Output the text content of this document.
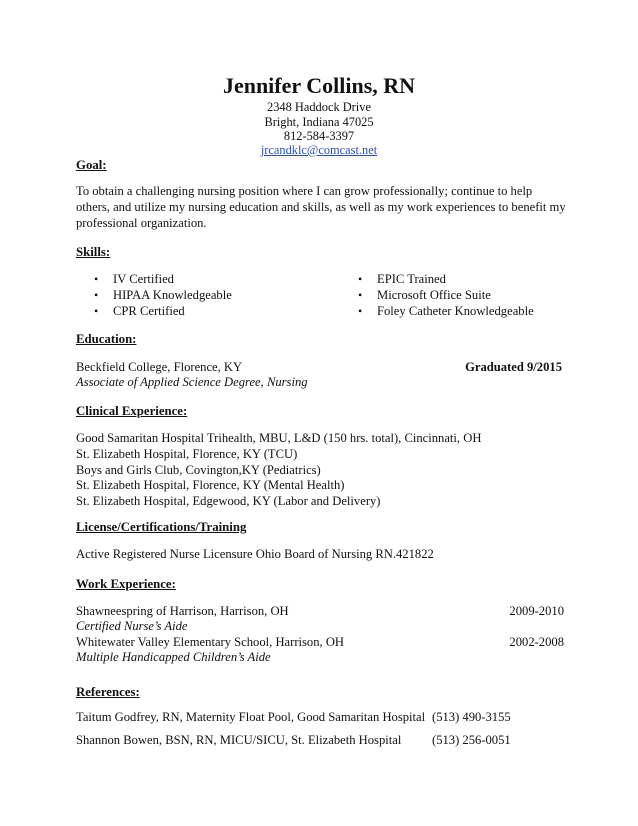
Jennifer Collins, RN
2348 Haddock Drive
Bright, Indiana 47025
812-584-3397
jrcandklc@comcast.net
Goal:
To obtain a challenging nursing position where I can grow professionally; continue to help
others, and utilize my nursing education and skills, as well as my work experiences to benefit my
professional organization.
Skills:
• IV Certified
• HIPAA Knowledgeable
• CPR Certified
• EPIC Trained
• Microsoft Office Suite
• Foley Catheter Knowledgeable
Education:
Beckfield College, Florence, KY	Graduated 9/2015
Associate of Applied Science Degree, Nursing
Clinical Experience:
Good Samaritan Hospital Trihealth, MBU, L&D (150 hrs. total), Cincinnati, OH
St. Elizabeth Hospital, Florence, KY (TCU)
Boys and Girls Club, Covington,KY (Pediatrics)
St. Elizabeth Hospital, Florence, KY (Mental Health)
St. Elizabeth Hospital, Edgewood, KY (Labor and Delivery)
License/Certifications/Training
Active Registered Nurse Licensure Ohio Board of Nursing RN.421822
Work Experience:
Shawneespring of Harrison, Harrison, OH	2009-2010
Certified Nurse’s Aide
Whitewater Valley Elementary School, Harrison, OH	2002-2008
Multiple Handicapped Children’s Aide
References:
Taitum Godfrey, RN, Maternity Float Pool, Good Samaritan Hospital (513) 490-3155
Shannon Bowen, BSN, RN, MICU/SICU, St. Elizabeth Hospital (513) 256-0051
